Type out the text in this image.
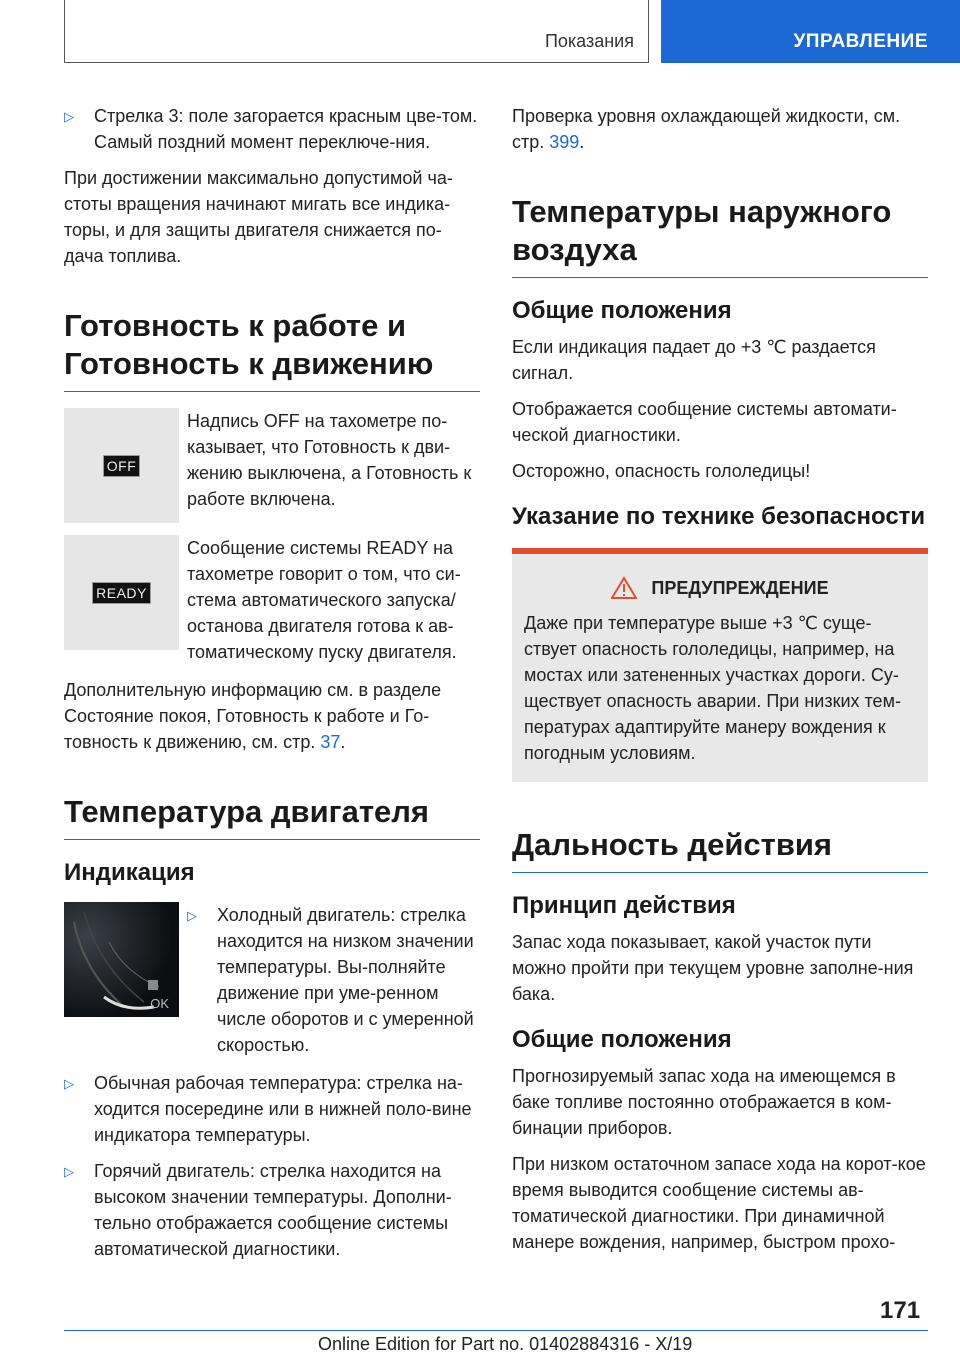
Показания	УПРАВЛЕНИЕ
▷	Стрелка 3: поле загорается красным цве-том. Самый поздний момент переключе-ния.

При достижении максимально допустимой ча-стоты вращения начинают мигать все индика-торы, и для защиты двигателя снижается по-дача топлива.

Готовность к работе и Готовность к движению
OFF
Надпись OFF на тахометре по-казывает, что Готовность к дви-жению выключена, а Готовность к работе включена.
READY
Сообщение системы READY на тахометре говорит о том, что си-стема автоматического запуска/ останова двигателя готова к ав-томатическому пуску двигателя.

Дополнительную информацию см. в разделе Состояние покоя, Готовность к работе и Го-товность к движению, см. стр. 37.

Температура двигателя
Индикация
OK
▷	Холодный двигатель: стрелка находится на низком значении температуры. Вы-полняйте движение при уме-ренном числе оборотов и с умеренной скоростью.
▷	Обычная рабочая температура: стрелка на-ходится посередине или в нижней поло-вине индикатора температуры.
▷	Горячий двигатель: стрелка находится на высоком значении температуры. Дополни-тельно отображается сообщение системы автоматической диагностики.

Проверка уровня охлаждающей жидкости, см. стр. 399.

Температуры наружного воздуха
Общие положения

Если индикация падает до +3 ℃ раздается сигнал.

Отображается сообщение системы автомати-ческой диагностики.

Осторожно, опасность гололедицы!

Указание по технике безопасности
ПРЕДУПРЕЖДЕНИЕ

Даже при температуре выше +3 ℃ суще-ствует опасность гололедицы, например, на мостах или затененных участках дороги. Су-ществует опасность аварии. При низких тем-пературах адаптируйте манеру вождения к погодным условиям.

Дальность действия
Принцип действия

Запас хода показывает, какой участок пути можно пройти при текущем уровне заполне-ния бака.

Общие положения

Прогнозируемый запас хода на имеющемся в баке топливе постоянно отображается в ком-бинации приборов.

При низком остаточном запасе хода на корот-кое время выводится сообщение системы ав-томатической диагностики. При динамичной манере вождения, например, быстром прохо-

171
Online Edition for Part no. 01402884316 - X/19
